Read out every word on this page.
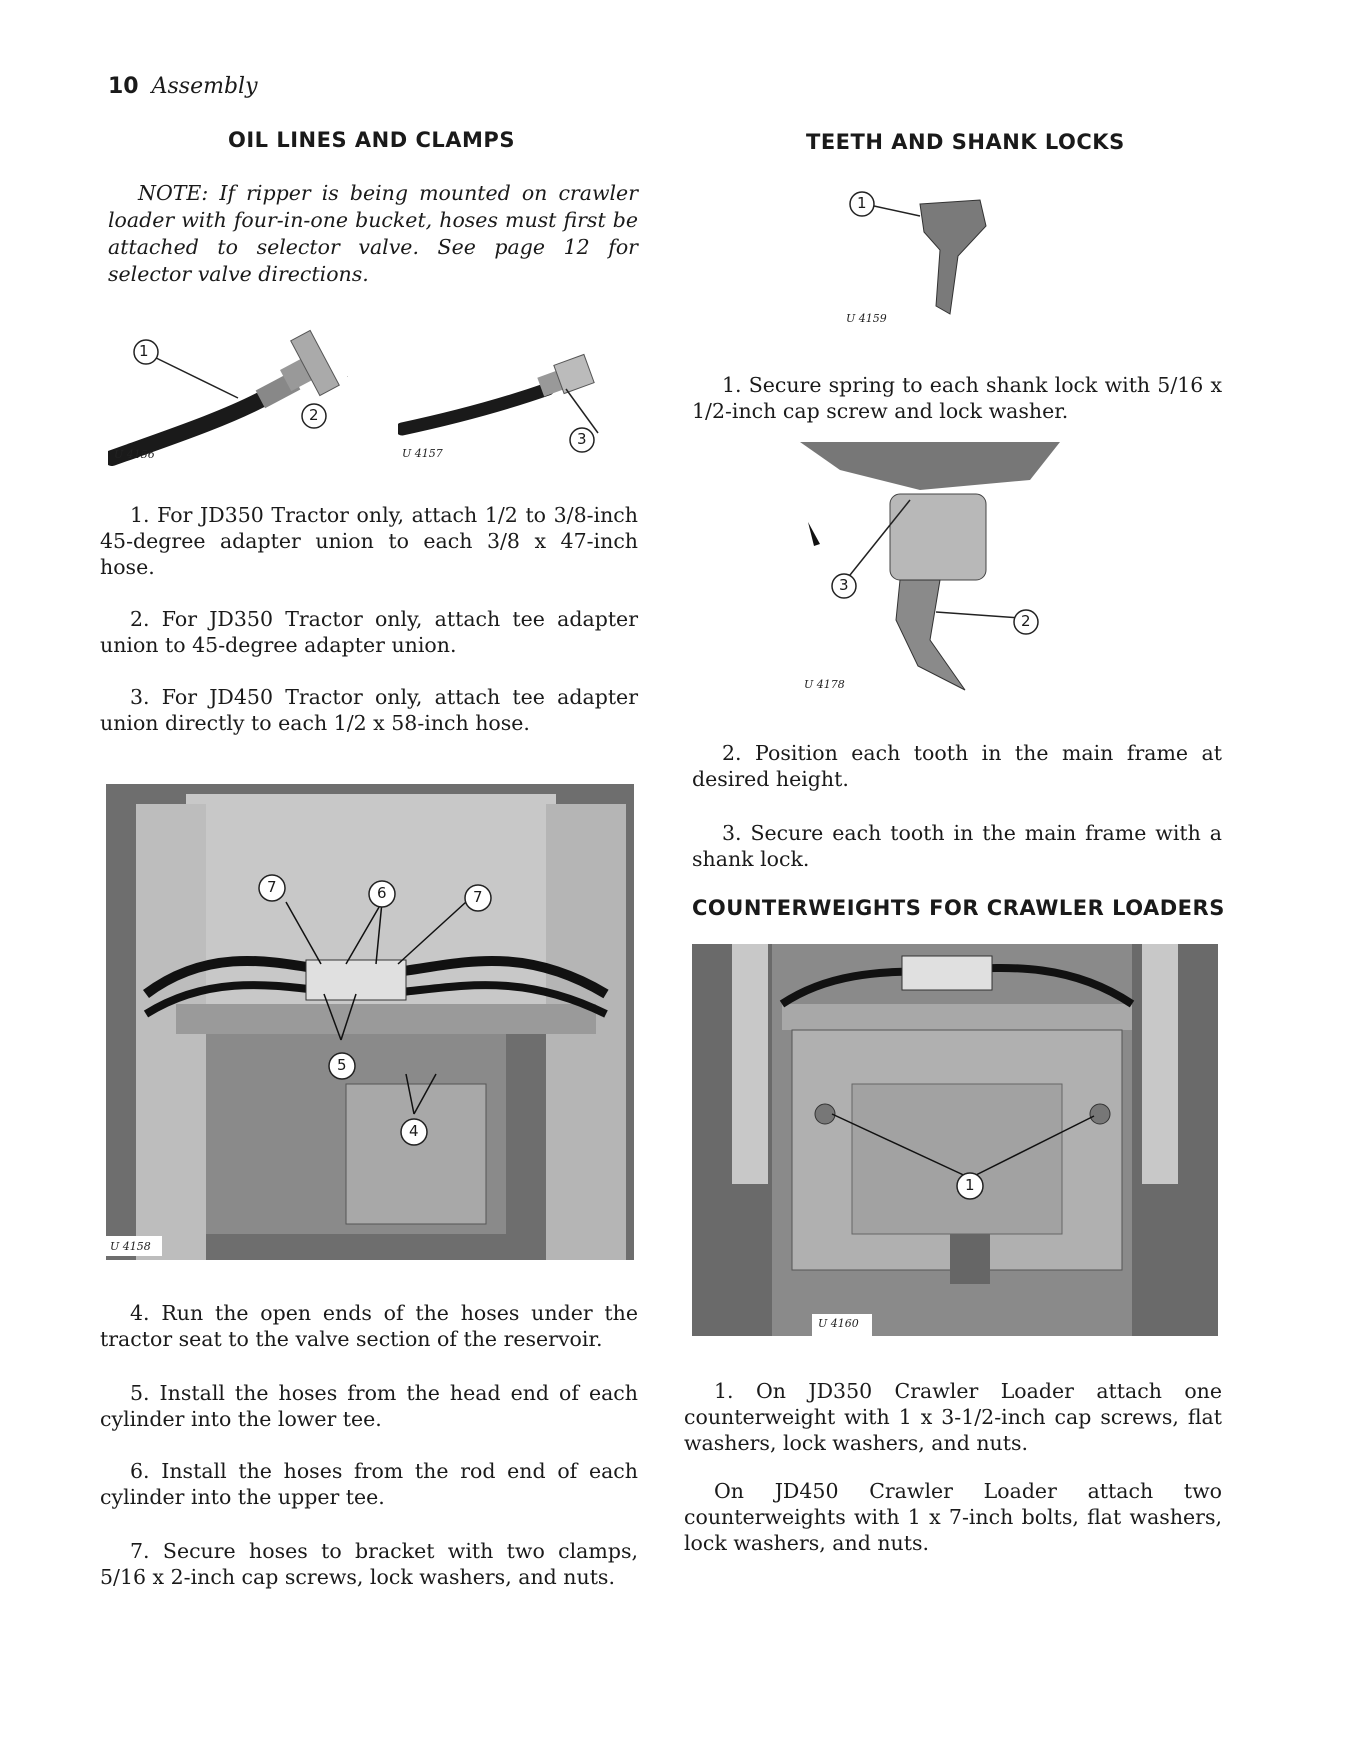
10 Assembly
OIL LINES AND CLAMPS
NOTE: If ripper is being mounted on crawler loader with four-in-one bucket, hoses must first be attached to selector valve. See page 12 for selector valve directions.
1
U 4156
2
U 4157
3
1. For JD350 Tractor only, attach 1/2 to 3/8-inch 45-degree adapter union to each 3/8 x 47-inch hose.
2. For JD350 Tractor only, attach tee adapter union to 45-degree adapter union.
3. For JD450 Tractor only, attach tee adapter union directly to each 1/2 x 58-inch hose.
7	6	7
5
4
U 4158
4. Run the open ends of the hoses under the tractor seat to the valve section of the reservoir.
5. Install the hoses from the head end of each cylinder into the lower tee.
6. Install the hoses from the rod end of each cylinder into the upper tee.
7. Secure hoses to bracket with two clamps, 5/16 x 2-inch cap screws, lock washers, and nuts.
TEETH AND SHANK LOCKS
1
U 4159
1. Secure spring to each shank lock with 5/16 x 1/2-inch cap screw and lock washer.
3
2
U 4178
2. Position each tooth in the main frame at desired height.
3. Secure each tooth in the main frame with a shank lock.
COUNTERWEIGHTS FOR CRAWLER LOADERS
1
U 4160
1. On JD350 Crawler Loader attach one counterweight with 1 x 3-1/2-inch cap screws, flat washers, lock washers, and nuts.
On JD450 Crawler Loader attach two counterweights with 1 x 7-inch bolts, flat washers, lock washers, and nuts.
